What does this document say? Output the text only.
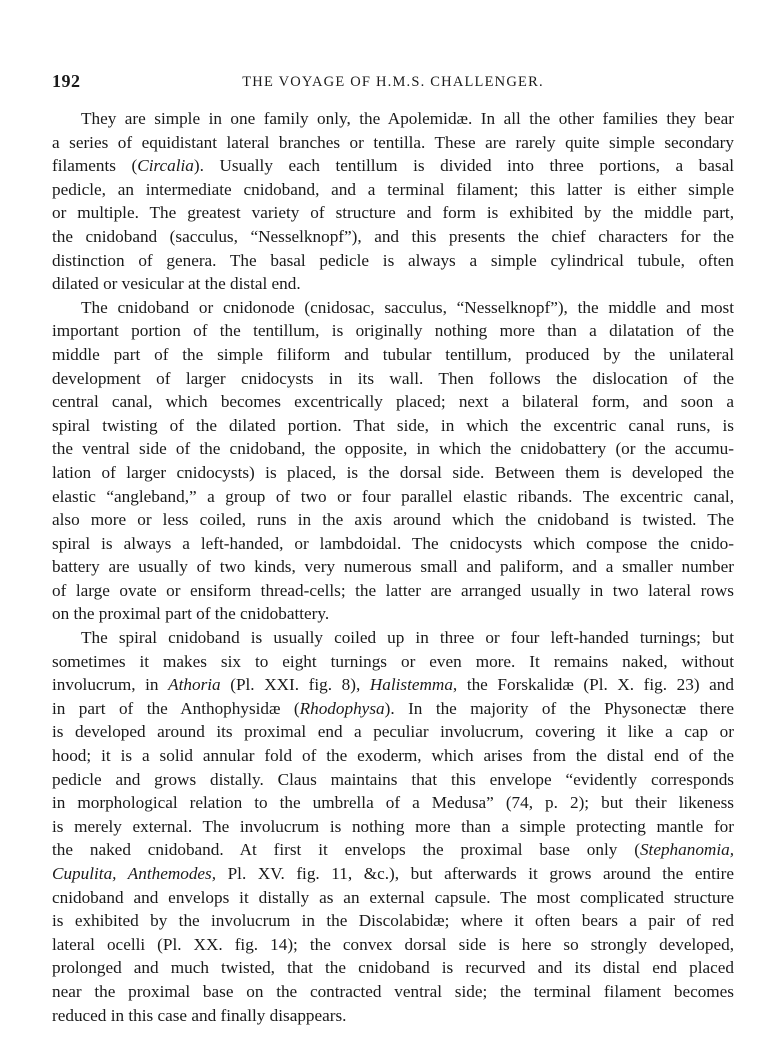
192	THE VOYAGE OF H.M.S. CHALLENGER.
They are simple in one family only, the Apolemidæ. In all the other families they bear
a series of equidistant lateral branches or tentilla. These are rarely quite simple secondary
filaments (Circalia). Usually each tentillum is divided into three portions, a basal
pedicle, an intermediate cnidoband, and a terminal filament; this latter is either simple
or multiple. The greatest variety of structure and form is exhibited by the middle part,
the cnidoband (sacculus, “Nesselknopf”), and this presents the chief characters for the
distinction of genera. The basal pedicle is always a simple cylindrical tubule, often
dilated or vesicular at the distal end.
The cnidoband or cnidonode (cnidosac, sacculus, “Nesselknopf”), the middle and most
important portion of the tentillum, is originally nothing more than a dilatation of the
middle part of the simple filiform and tubular tentillum, produced by the unilateral
development of larger cnidocysts in its wall. Then follows the dislocation of the
central canal, which becomes excentrically placed; next a bilateral form, and soon a
spiral twisting of the dilated portion. That side, in which the excentric canal runs, is
the ventral side of the cnidoband, the opposite, in which the cnidobattery (or the accumu-
lation of larger cnidocysts) is placed, is the dorsal side. Between them is developed the
elastic “angleband,” a group of two or four parallel elastic ribands. The excentric canal,
also more or less coiled, runs in the axis around which the cnidoband is twisted. The
spiral is always a left-handed, or lambdoidal. The cnidocysts which compose the cnido-
battery are usually of two kinds, very numerous small and paliform, and a smaller number
of large ovate or ensiform thread-cells; the latter are arranged usually in two lateral rows
on the proximal part of the cnidobattery.
The spiral cnidoband is usually coiled up in three or four left-handed turnings; but
sometimes it makes six to eight turnings or even more. It remains naked, without
involucrum, in Athoria (Pl. XXI. fig. 8), Halistemma, the Forskalidæ (Pl. X. fig. 23) and
in part of the Anthophysidæ (Rhodophysa). In the majority of the Physonectæ there
is developed around its proximal end a peculiar involucrum, covering it like a cap or
hood; it is a solid annular fold of the exoderm, which arises from the distal end of the
pedicle and grows distally. Claus maintains that this envelope “evidently corresponds
in morphological relation to the umbrella of a Medusa” (74, p. 2); but their likeness
is merely external. The involucrum is nothing more than a simple protecting mantle for
the naked cnidoband. At first it envelops the proximal base only (Stephanomia,
Cupulita, Anthemodes, Pl. XV. fig. 11, &c.), but afterwards it grows around the entire
cnidoband and envelops it distally as an external capsule. The most complicated structure
is exhibited by the involucrum in the Discolabidæ; where it often bears a pair of red
lateral ocelli (Pl. XX. fig. 14); the convex dorsal side is here so strongly developed,
prolonged and much twisted, that the cnidoband is recurved and its distal end placed
near the proximal base on the contracted ventral side; the terminal filament becomes
reduced in this case and finally disappears.
